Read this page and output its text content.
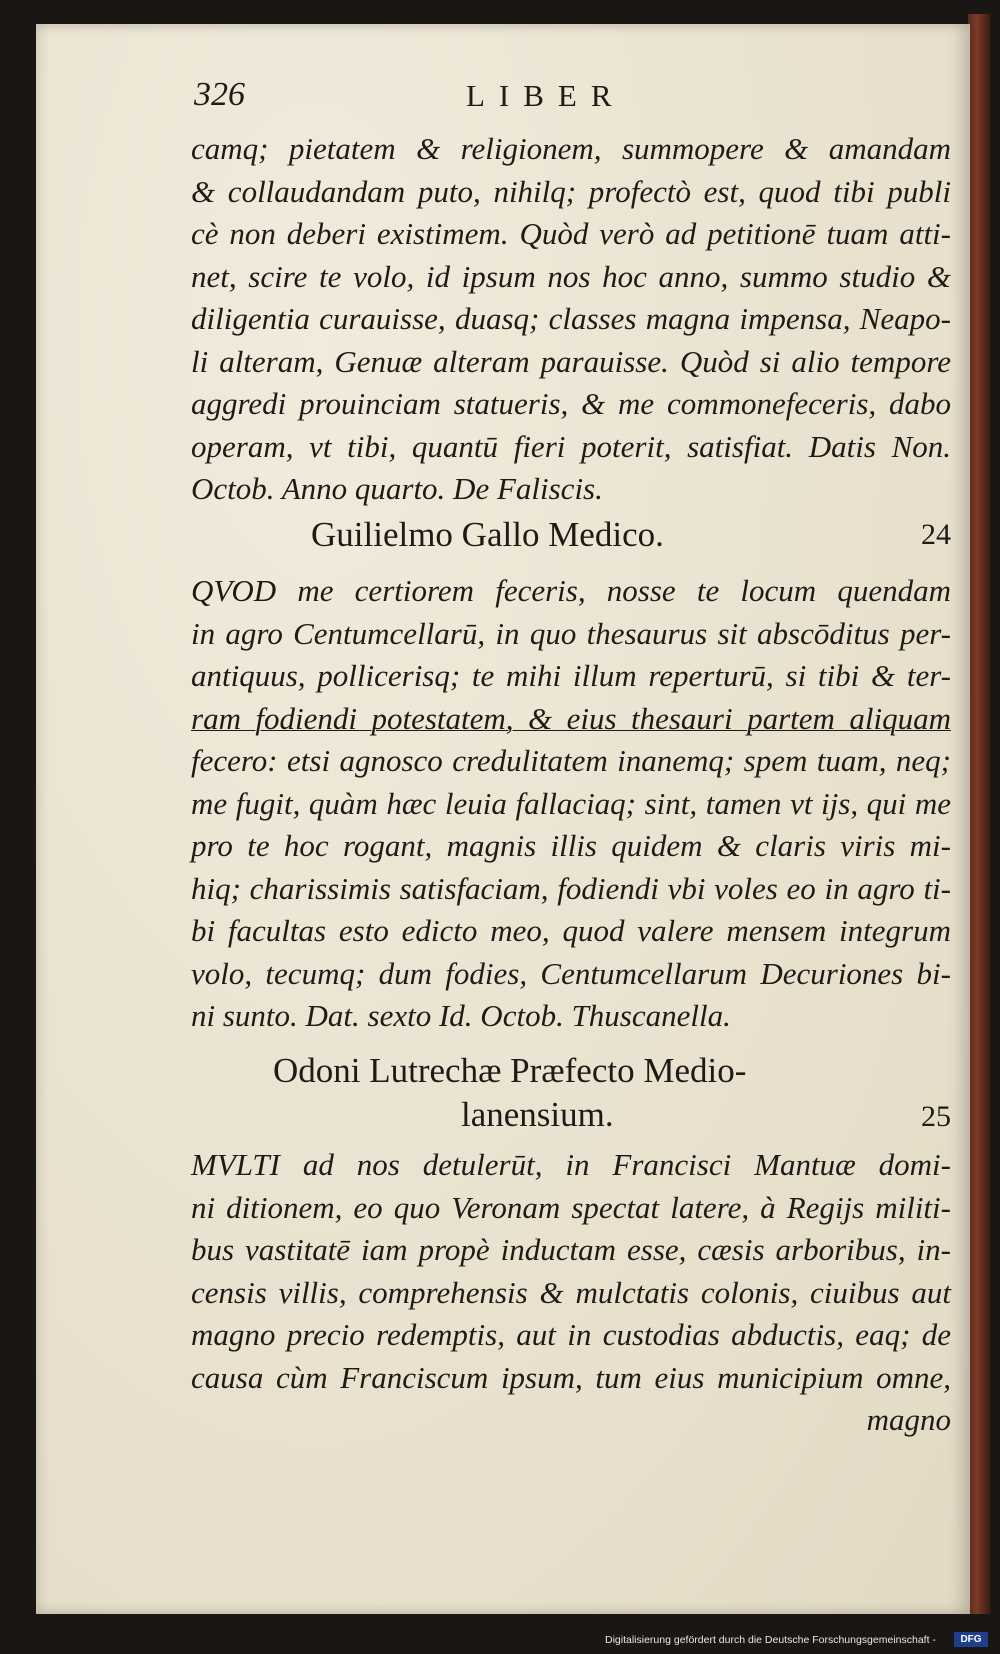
326	LIBER
camq; pietatem & religionem, summopere & amandam
& collaudandam puto, nihilq; profectò est, quod tibi publi
cè non deberi existimem. Quòd verò ad petitionē tuam atti-
net, scire te volo, id ipsum nos hoc anno, summo studio &
diligentia curauisse, duasq; classes magna impensa, Neapo-
li alteram, Genuæ alteram parauisse. Quòd si alio tempore
aggredi prouinciam statueris, & me commonefeceris, dabo
operam, vt tibi, quantū fieri poterit, satisfiat. Datis Non.
Octob. Anno quarto. De Faliscis.
Guilielmo Gallo Medico.	24
QVOD me certiorem feceris, nosse te locum quendam
in agro Centumcellarū, in quo thesaurus sit abscōditus per-
antiquus, pollicerisq; te mihi illum reperturū, si tibi & ter-
ram fodiendi potestatem, & eius thesauri partem aliquam
fecero: etsi agnosco credulitatem inanemq; spem tuam, neq;
me fugit, quàm hæc leuia fallaciaq; sint, tamen vt ijs, qui me
pro te hoc rogant, magnis illis quidem & claris viris mi-
hiq; charissimis satisfaciam, fodiendi vbi voles eo in agro ti-
bi facultas esto edicto meo, quod valere mensem integrum
volo, tecumq; dum fodies, Centumcellarum Decuriones bi-
ni sunto. Dat. sexto Id. Octob. Thuscanella.
Odoni Lutrechæ Præfecto Medio-
lanensium.	25
MVLTI ad nos detulerūt, in Francisci Mantuæ domi-
ni ditionem, eo quo Veronam spectat latere, à Regijs militi-
bus vastitatē iam propè inductam esse, cæsis arboribus, in-
censis villis, comprehensis & mulctatis colonis, ciuibus aut
magno precio redemptis, aut in custodias abductis, eaq; de
causa cùm Franciscum ipsum, tum eius municipium omne,
magno
Digitalisierung gefördert durch die Deutsche Forschungsgemeinschaft -	DFG
